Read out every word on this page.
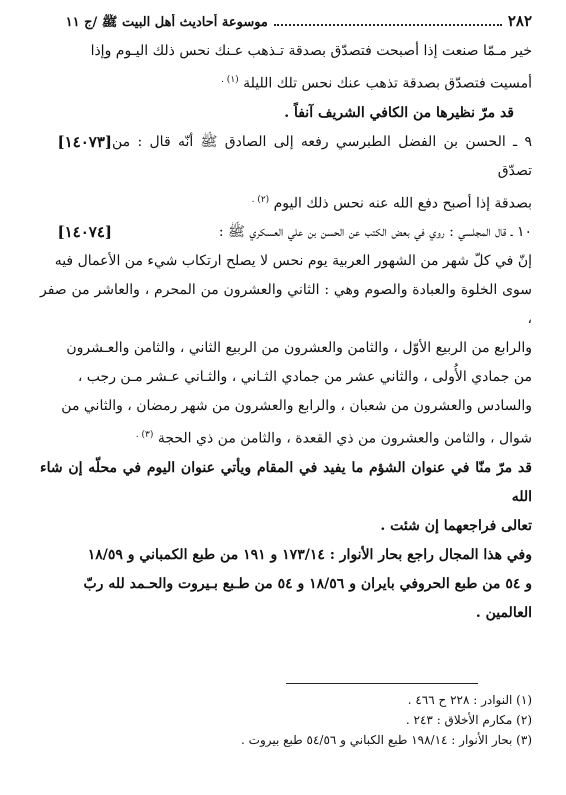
٢٨٢
موسوعة أحاديث أهل البيت ﷺ /ج ١١

خير مـمّا صنعت إذا أصبحت فتصدّق بصدقة تـذهب عـنك نحس ذلك اليـوم وإذا

أمسيت فتصدّق بصدقة تذهب عنك نحس تلك الليلة $^{(١) .}$

قد مرّ نظيرها من الكافي الشريف آنفاً .

٩ ـ الحسن بن الفضل الطبرسي رفعه إلى الصادق ﷺ أنّه قال : من تصدّق

[١٤٠٧٣]

بصدقة إذا أصبح دفع الله عنه نحس ذلك اليوم $^{(٢) .}$

١٠ ـ قال المجلسي : روي في بعض الكتب عن الحسن بن علي العسكري ﷺ :

[١٤٠٧٤]

إنّ في كلّ شهر من الشهور العربية يوم نحس لا يصلح ارتكاب شيء من الأعمال فيه

سوى الخلوة والعبادة والصوم وهي : الثاني والعشرون من المحرم ، والعاشر من صفر ،

والرابع من الربيع الأوّل ، والثامن والعشرون من الربيع الثاني ، والثامن والعـشرون

من جمادي الأُولى ، والثاني عشر من جمادي الثـاني ، والثـاني عـشر مـن رجب ،

والسادس والعشرون من شعبان ، والرابع والعشرون من شهر رمضان ، والثاني من

شوال ، والثامن والعشرون من ذي القعدة ، والثامن من ذي الحجة $^{(٣) .}$

قد مرّ منّا في عنوان الشؤم ما يفيد في المقام ويأتي عنوان اليوم في محلّه إن شاء الله

تعالى فراجعهما إن شئت .

وفي هذا المجال راجع بحار الأنوار : ١٧٣/١٤ و ١٩١ من طبع الكمباني و ١٨/٥٩

و ٥٤ من طبع الحروفي بايران و ١٨/٥٦ و ٥٤ من طـبع بـيروت والحـمد لله ربّ

العالمين .

(١) النوادر : ٢٢٨ ح ٤٦٦ .

(٢) مكارم الأخلاق : ٢٤٣ .

(٣) بحار الأنوار : ١٩٨/١٤ طبع الكباني و ٥٤/٥٦ طبع بيروت .
